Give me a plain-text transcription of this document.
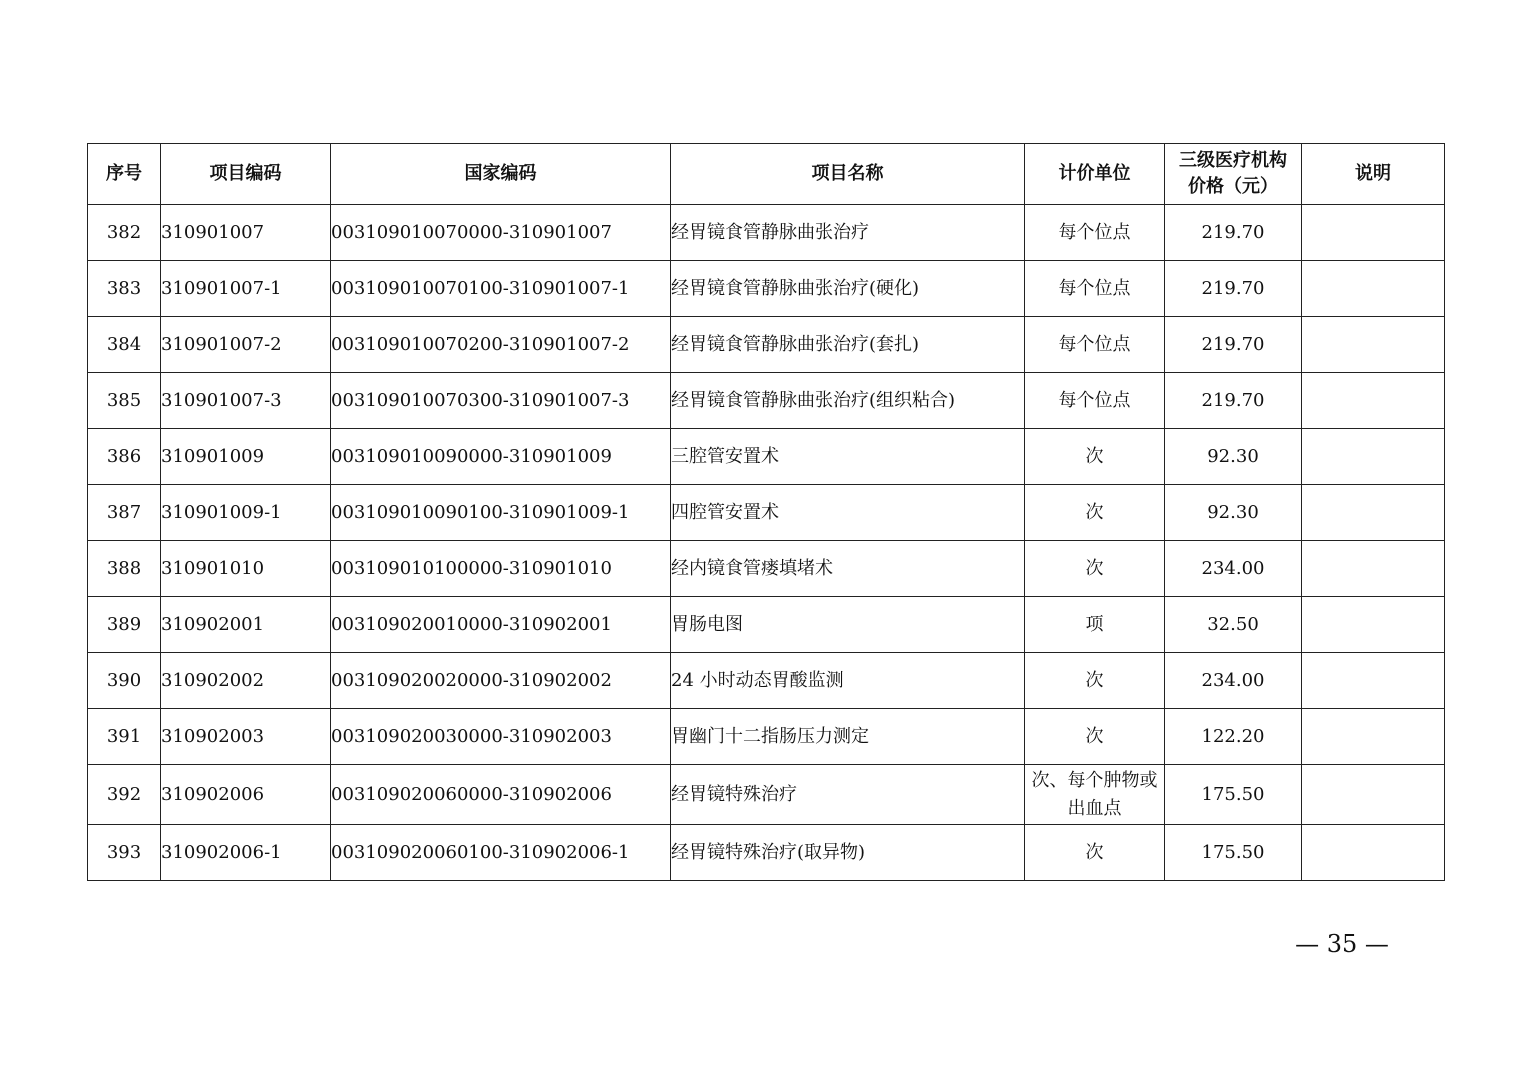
序号	项目编码	国家编码	项目名称	计价单位	三级医疗机构价格（元）	说明
382	310901007	003109010070000-310901007	经胃镜食管静脉曲张治疗	每个位点	219.70	
383	310901007-1	003109010070100-310901007-1	经胃镜食管静脉曲张治疗(硬化)	每个位点	219.70	
384	310901007-2	003109010070200-310901007-2	经胃镜食管静脉曲张治疗(套扎)	每个位点	219.70	
385	310901007-3	003109010070300-310901007-3	经胃镜食管静脉曲张治疗(组织粘合)	每个位点	219.70	
386	310901009	003109010090000-310901009	三腔管安置术	次	92.30	
387	310901009-1	003109010090100-310901009-1	四腔管安置术	次	92.30	
388	310901010	003109010100000-310901010	经内镜食管瘘填堵术	次	234.00	
389	310902001	003109020010000-310902001	胃肠电图	项	32.50	
390	310902002	003109020020000-310902002	24 小时动态胃酸监测	次	234.00	
391	310902003	003109020030000-310902003	胃幽门十二指肠压力测定	次	122.20	
392	310902006	003109020060000-310902006	经胃镜特殊治疗	次、每个肿物或出血点	175.50	
393	310902006-1	003109020060100-310902006-1	经胃镜特殊治疗(取异物)	次	175.50	
— 35 —
